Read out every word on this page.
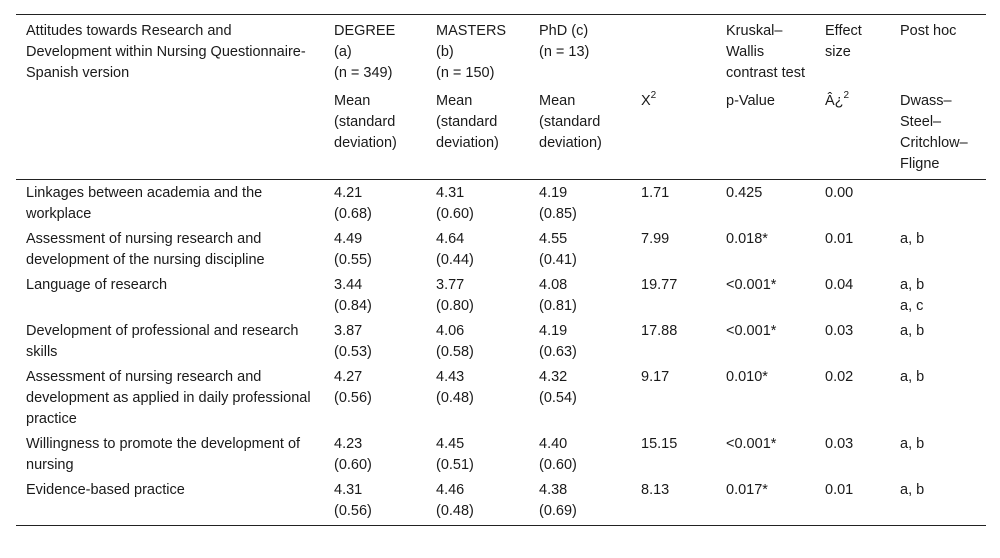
Attitudes towards Research and Development within Nursing Questionnaire-Spanish version	DEGREE
(a)
(n = 349)	MASTERS
(b)
(n = 150)	PhD (c)
(n = 13)		Kruskal–Wallis contrast test	Effect size	Post hoc
	Mean (standard deviation)	Mean (standard deviation)	Mean (standard deviation)	$X^2$	p-Value	Â¿$^2$	Dwass–Steel–Critchlow–Fligne
Linkages between academia and the workplace	4.21
(0.68)	4.31
(0.60)	4.19
(0.85)	1.71	0.425	0.00	

Assessment of nursing research and development of the nursing discipline	4.49
(0.55)	4.64
(0.44)	4.55
(0.41)	7.99	0.018*	0.01	a, b

Language of research	3.44
(0.84)	3.77
(0.80)	4.08
(0.81)	19.77	<0.001*	0.04	a, b
a, c

Development of professional and research skills	3.87
(0.53)	4.06
(0.58)	4.19
(0.63)	17.88	<0.001*	0.03	a, b

Assessment of nursing research and development as applied in daily professional practice	4.27
(0.56)	4.43
(0.48)	4.32
(0.54)	9.17	0.010*	0.02	a, b

Willingness to promote the development of nursing	4.23
(0.60)	4.45
(0.51)	4.40
(0.60)	15.15	<0.001*	0.03	a, b

Evidence-based practice	4.31
(0.56)	4.46
(0.48)	4.38
(0.69)	8.13	0.017*	0.01	a, b
